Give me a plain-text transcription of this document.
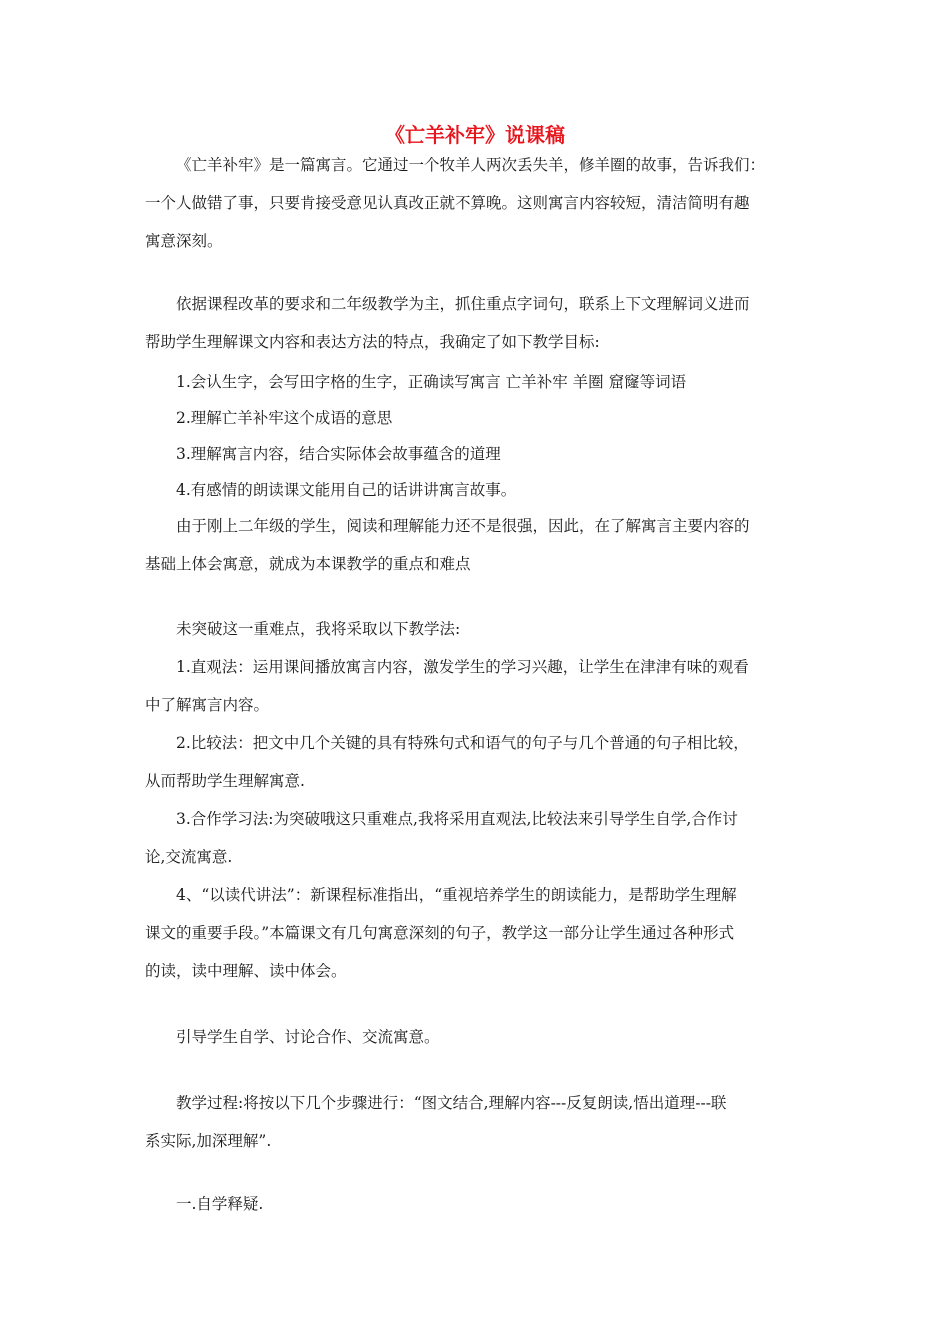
《亡羊补牢》说课稿

《亡羊补牢》是一篇寓言。它通过一个牧羊人两次丢失羊，修羊圈的故事，告诉我们：
一个人做错了事，只要肯接受意见认真改正就不算晚。这则寓言内容较短，清洁简明有趣
寓意深刻。

依据课程改革的要求和二年级教学为主，抓住重点字词句，联系上下文理解词义进而
帮助学生理解课文内容和表达方法的特点，我确定了如下教学目标:

1.会认生字，会写田字格的生字，正确读写寓言 亡羊补牢 羊圈 窟窿等词语
2.理解亡羊补牢这个成语的意思
3.理解寓言内容，结合实际体会故事蕴含的道理
4.有感情的朗读课文能用自己的话讲讲寓言故事。

由于刚上二年级的学生，阅读和理解能力还不是很强，因此，在了解寓言主要内容的
基础上体会寓意，就成为本课教学的重点和难点

未突破这一重难点，我将采取以下教学法:

1.直观法：运用课间播放寓言内容，激发学生的学习兴趣，让学生在津津有味的观看
中了解寓言内容。

2.比较法：把文中几个关键的具有特殊句式和语气的句子与几个普通的句子相比较，
从而帮助学生理解寓意.

3.合作学习法:为突破哦这只重难点,我将采用直观法,比较法来引导学生自学,合作讨
论,交流寓意.

4、“以读代讲法”：新课程标准指出，“重视培养学生的朗读能力，是帮助学生理解
课文的重要手段。”本篇课文有几句寓意深刻的句子，教学这一部分让学生通过各种形式
的读，读中理解、读中体会。

引导学生自学、讨论合作、交流寓意。

教学过程:将按以下几个步骤进行：“图文结合,理解内容---反复朗读,悟出道理---联
系实际,加深理解”.

一.自学释疑.
